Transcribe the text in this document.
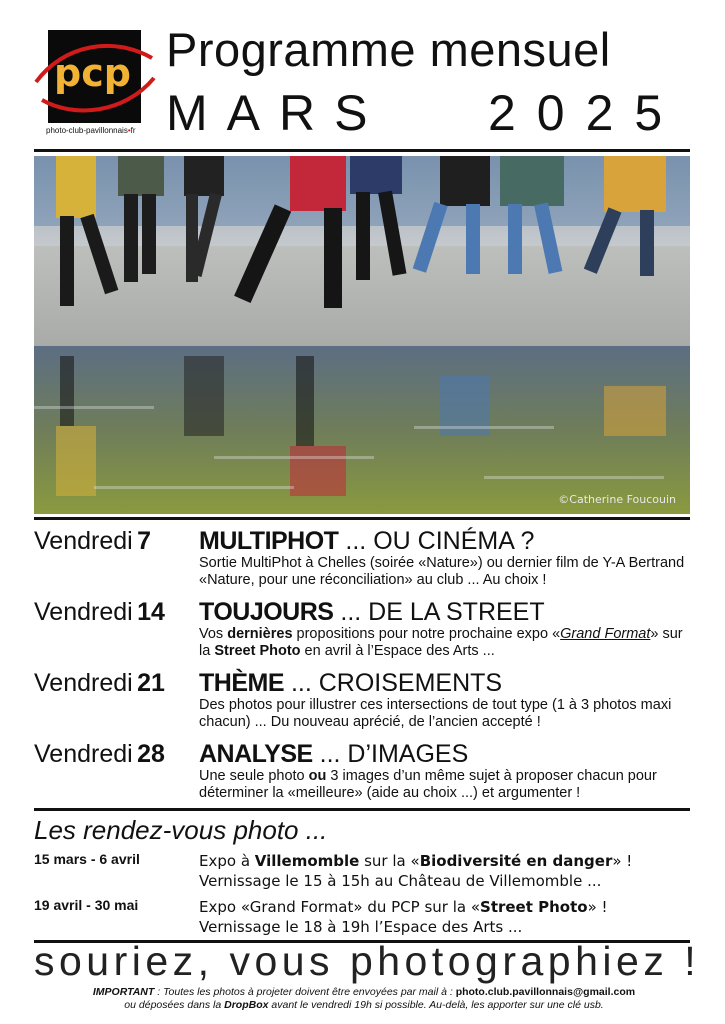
pcp
photo-club-pavillonnais•fr
Programme mensuel
MARS 2025
©Catherine Foucouin
Vendredi 7 MULTIPHOT ... OU CINÉMA ?
Sortie MultiPhot à Chelles (soirée «Nature») ou dernier film de Y-A Bertrand «Nature, pour une réconciliation» au club ... Au choix !
Vendredi 14 TOUJOURS ... DE LA STREET
Vos dernières propositions pour notre prochaine expo «Grand Format» sur la Street Photo en avril à l’Espace des Arts ...
Vendredi 21 THÈME ... CROISEMENTS
Des photos pour illustrer ces intersections de tout type (1 à 3 photos maxi chacun) ... Du nouveau aprécié, de l’ancien accepté !
Vendredi 28 ANALYSE ... D’IMAGES
Une seule photo ou 3 images d’un même sujet à proposer chacun pour déterminer la «meilleure» (aide au choix ...) et argumenter !
Les rendez-vous photo ...
15 mars - 6 avril	Expo à Villemomble sur la «Biodiversité en danger» !
Vernissage le 15 à 15h au Château de Villemomble ...
19 avril - 30 mai	Expo «Grand Format» du PCP sur la «Street Photo» !
Vernissage le 18 à 19h l’Espace des Arts ...
souriez, vous photographiez !
IMPORTANT : Toutes les photos à projeter doivent être envoyées par mail à : photo.club.pavillonnais@gmail.com
ou déposées dans la DropBox avant le vendredi 19h si possible. Au-delà, les apporter sur une clé usb.
